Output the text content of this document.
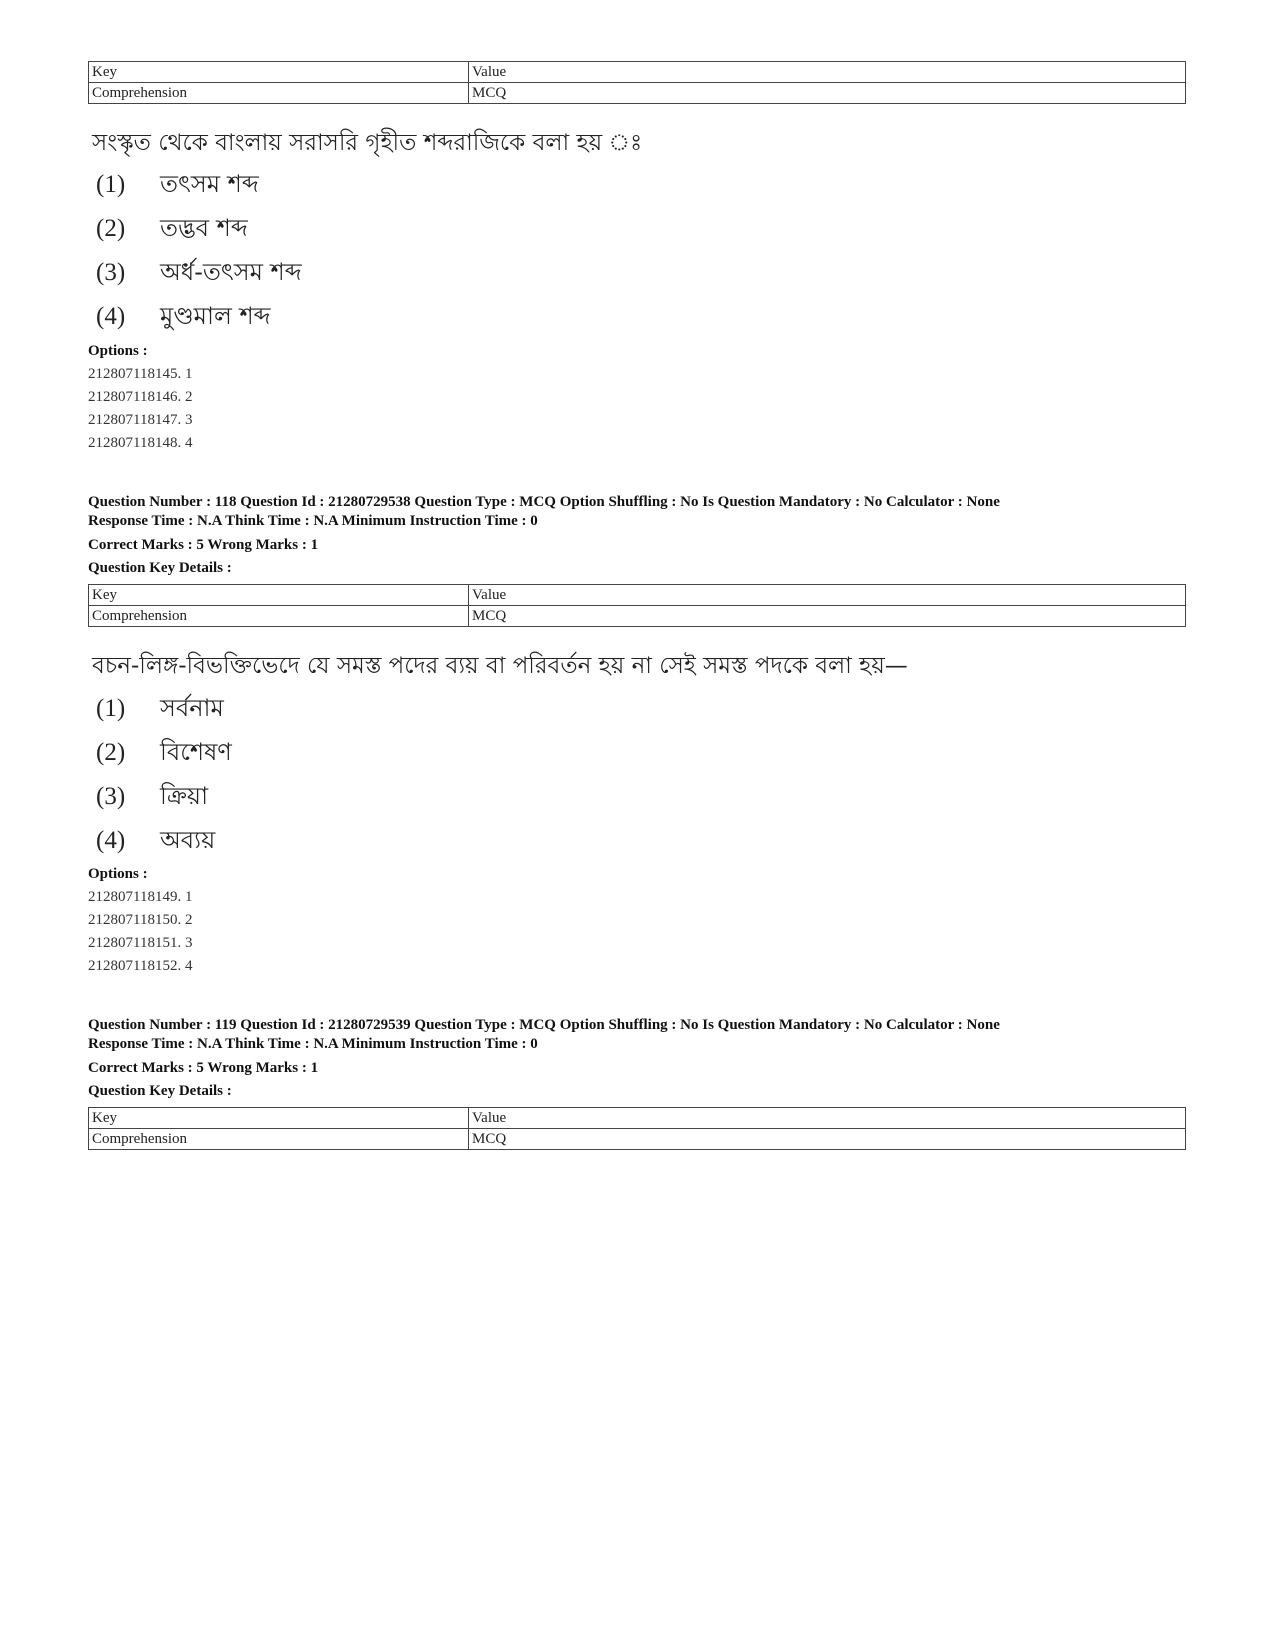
Key	Value
Comprehension	MCQ
সংস্কৃত থেকে বাংলায় সরাসরি গৃহীত শব্দরাজিকে বলা হয় ঃ
(1) তৎসম শব্দ
(2) তদ্ভব শব্দ
(3) অর্ধ-তৎসম শব্দ
(4) মুণ্ডমাল শব্দ
Options :
212807118145. 1
212807118146. 2
212807118147. 3
212807118148. 4
Question Number : 118 Question Id : 21280729538 Question Type : MCQ Option Shuffling : No Is Question Mandatory : No Calculator : None
Response Time : N.A Think Time : N.A Minimum Instruction Time : 0
Correct Marks : 5 Wrong Marks : 1
Question Key Details :
Key	Value
Comprehension	MCQ
বচন-লিঙ্গ-বিভক্তিভেদে যে সমস্ত পদের ব্যয় বা পরিবর্তন হয় না সেই সমস্ত পদকে বলা হয়—
(1) সর্বনাম
(2) বিশেষণ
(3) ক্রিয়া
(4) অব্যয়
Options :
212807118149. 1
212807118150. 2
212807118151. 3
212807118152. 4
Question Number : 119 Question Id : 21280729539 Question Type : MCQ Option Shuffling : No Is Question Mandatory : No Calculator : None
Response Time : N.A Think Time : N.A Minimum Instruction Time : 0
Correct Marks : 5 Wrong Marks : 1
Question Key Details :
Key	Value
Comprehension	MCQ
